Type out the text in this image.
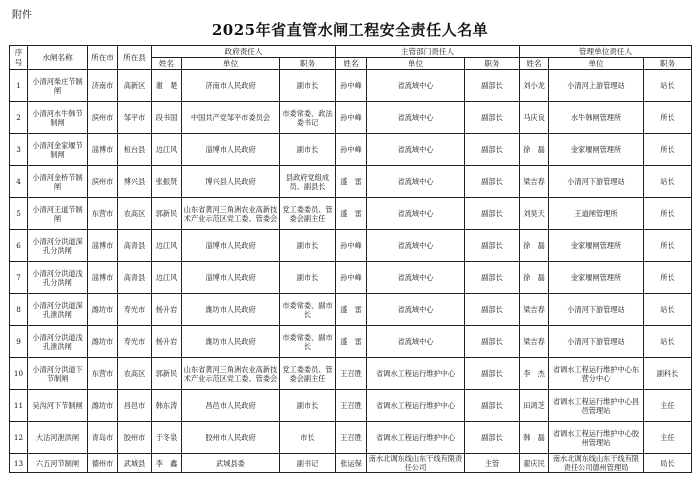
附件
2025年省直管水闸工程安全责任人名单
序号	水闸名称	所在市	所在县	政府责任人			主管部门责任人			管理单位责任人		
				姓名	单位	职务	姓名	单位	职务	姓名	单位	职务
1	小清河柴庄节制闸	济南市	高新区	谢　楚	济南市人民政府	副市长	孙中峰	省流域中心	副部长	刘小龙	小清河上游管理站	站长
2	小清河水牛韩节制闸	滨州市	邹平市	段书国	中国共产党邹平市委员会	市委常委、政法委书记	孙中峰	省流域中心	副部长	马庆良	水牛韩闸管理所	所长
3	小清河金家堰节制闸	淄博市	桓台县	边江风	淄博市人民政府	副市长	孙中峰	省流域中心	副部长	徐　磊	金家堰闸管理所	所长
4	小清河金桥节制闸	滨州市	博兴县	张振贤	博兴县人民政府	县政府党组成员、副县长	盛　雷	省流域中心	副部长	梁吉春	小清河下游管理站	站长
5	小清河王道节制闸	东营市	农高区	郭新民	山东省黄河三角洲农业高新技术产业示范区党工委、管委会	党工委委员、管委会副主任	盛　雷	省流域中心	副部长	刘昊天	王道闸管理所	所长
6	小清河分洪道深孔分洪闸	淄博市	高青县	边江风	淄博市人民政府	副市长	孙中峰	省流域中心	副部长	徐　磊	金家堰闸管理所	所长
7	小清河分洪道浅孔分洪闸	淄博市	高青县	边江风	淄博市人民政府	副市长	孙中峰	省流域中心	副部长	徐　磊	金家堰闸管理所	所长
8	小清河分洪道深孔泄洪闸	潍坊市	寿光市	杨升岩	潍坊市人民政府	市委常委、副市长	盛　雷	省流域中心	副部长	梁吉春	小清河下游管理站	站长
9	小清河分洪道浅孔泄洪闸	潍坊市	寿光市	杨升岩	潍坊市人民政府	市委常委、副市长	盛　雷	省流域中心	副部长	梁吉春	小清河下游管理站	站长
10	小清河分洪道下节制闸	东营市	农高区	郭新民	山东省黄河三角洲农业高新技术产业示范区党工委、管委会	党工委委员、管委会副主任	王召胜	省调水工程运行维护中心	副部长	李　杰	省调水工程运行维护中心东营分中心	副科长
11	吴沟河下节制闸	潍坊市	昌邑市	韩东涛	昌邑市人民政府	副市长	王召胜	省调水工程运行维护中心	副部长	田鸿芝	省调水工程运行维护中心昌邑管理站	主任
12	大沽河泄洪闸	青岛市	胶州市	于冬泉	胶州市人民政府	市长	王召胜	省调水工程运行维护中心	副部长	韩　磊	省调水工程运行维护中心胶州管理站	主任
13	六五河节制闸	德州市	武城县	李　鑫	武城县委	副书记	张运保	南水北调东线山东干线有限责任公司	主管	翟庆民	南水北调东线山东干线有限责任公司德州管理局	局长
